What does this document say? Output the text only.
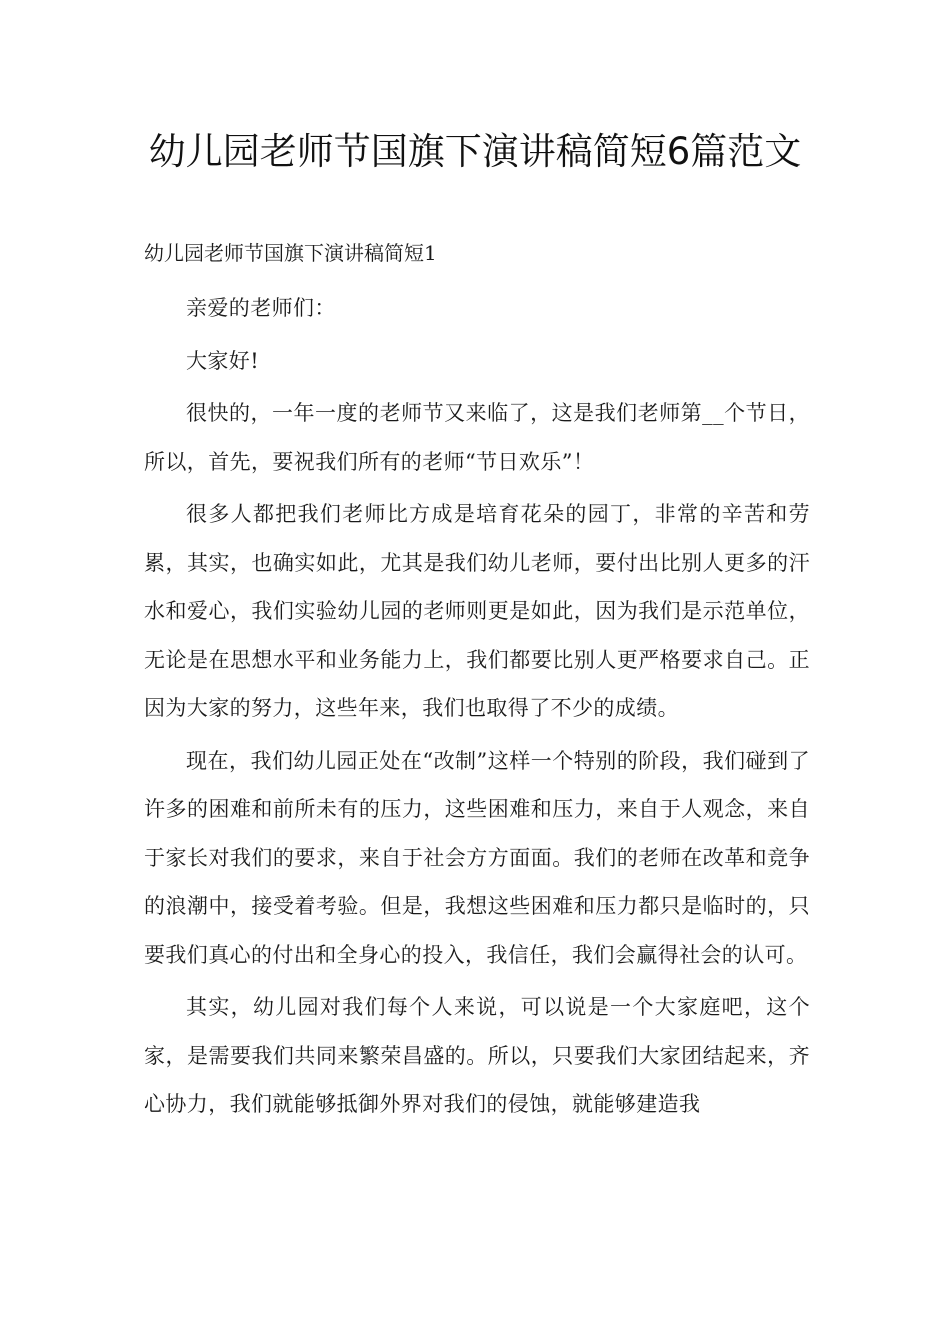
幼儿园老师节国旗下演讲稿简短6篇范文
幼儿园老师节国旗下演讲稿简短1

亲爱的老师们：

大家好!

很快的，一年一度的老师节又来临了，这是我们老师第__个节日，所以，首先，要祝我们所有的老师“节日欢乐”！

很多人都把我们老师比方成是培育花朵的园丁，非常的辛苦和劳累，其实，也确实如此，尤其是我们幼儿老师，要付出比别人更多的汗水和爱心，我们实验幼儿园的老师则更是如此，因为我们是示范单位，无论是在思想水平和业务能力上，我们都要比别人更严格要求自己。正因为大家的努力，这些年来，我们也取得了不少的成绩。

现在，我们幼儿园正处在“改制”这样一个特别的阶段，我们碰到了许多的困难和前所未有的压力，这些困难和压力，来自于人观念，来自于家长对我们的要求，来自于社会方方面面。我们的老师在改革和竞争的浪潮中，接受着考验。但是，我想这些困难和压力都只是临时的，只要我们真心的付出和全身心的投入，我信任，我们会赢得社会的认可。

其实，幼儿园对我们每个人来说，可以说是一个大家庭吧，这个家，是需要我们共同来繁荣昌盛的。所以，只要我们大家团结起来，齐心协力，我们就能够抵御外界对我们的侵蚀，就能够建造我
